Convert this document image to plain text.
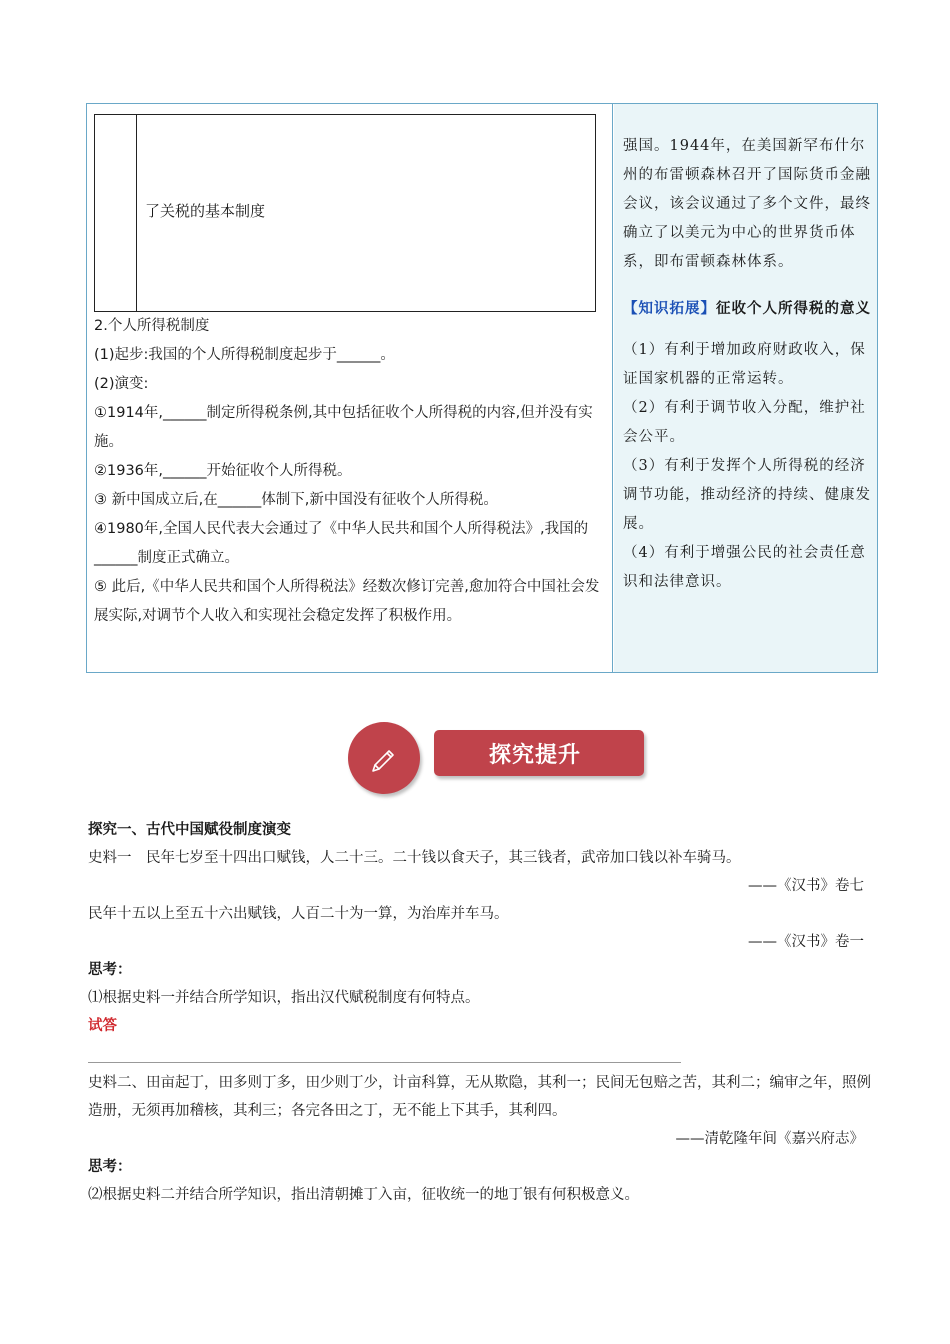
了关税的基本制度

2.个人所得税制度

(1)起步:我国的个人所得税制度起步于______。

(2)演变:

①1914年,______制定所得税条例,其中包括征收个人所得税的内容,但并没有实施。

②1936年,______开始征收个人所得税。

③ 新中国成立后,在______体制下,新中国没有征收个人所得税。

④1980年,全国人民代表大会通过了《中华人民共和国个人所得税法》,我国的______制度正式确立。

⑤ 此后,《中华人民共和国个人所得税法》经数次修订完善,愈加符合中国社会发展实际,对调节个人收入和实现社会稳定发挥了积极作用。

强国。1944年，在美国新罕布什尔州的布雷顿森林召开了国际货币金融会议，该会议通过了多个文件，最终确立了以美元为中心的世界货币体系，即布雷顿森林体系。

【知识拓展】征收个人所得税的意义

（1）有利于增加政府财政收入，保证国家机器的正常运转。

（2）有利于调节收入分配，维护社会公平。

（3）有利于发挥个人所得税的经济调节功能，推动经济的持续、健康发展。

（4）有利于增强公民的社会责任意识和法律意识。

探究提升

探究一、古代中国赋役制度演变

史料一　民年七岁至十四出口赋钱，人二十三。二十钱以食天子，其三钱者，武帝加口钱以补车骑马。

——《汉书》卷七

民年十五以上至五十六出赋钱，人百二十为一算，为治库并车马。

——《汉书》卷一

思考：

⑴根据史料一并结合所学知识，指出汉代赋税制度有何特点。

试答

史料二、田亩起丁，田多则丁多，田少则丁少，计亩科算，无从欺隐，其利一；民间无包赔之苦，其利二；编审之年，照例造册，无须再加稽核，其利三；各完各田之丁，无不能上下其手，其利四。

——清乾隆年间《嘉兴府志》

思考：

⑵根据史料二并结合所学知识，指出清朝摊丁入亩，征收统一的地丁银有何积极意义。
